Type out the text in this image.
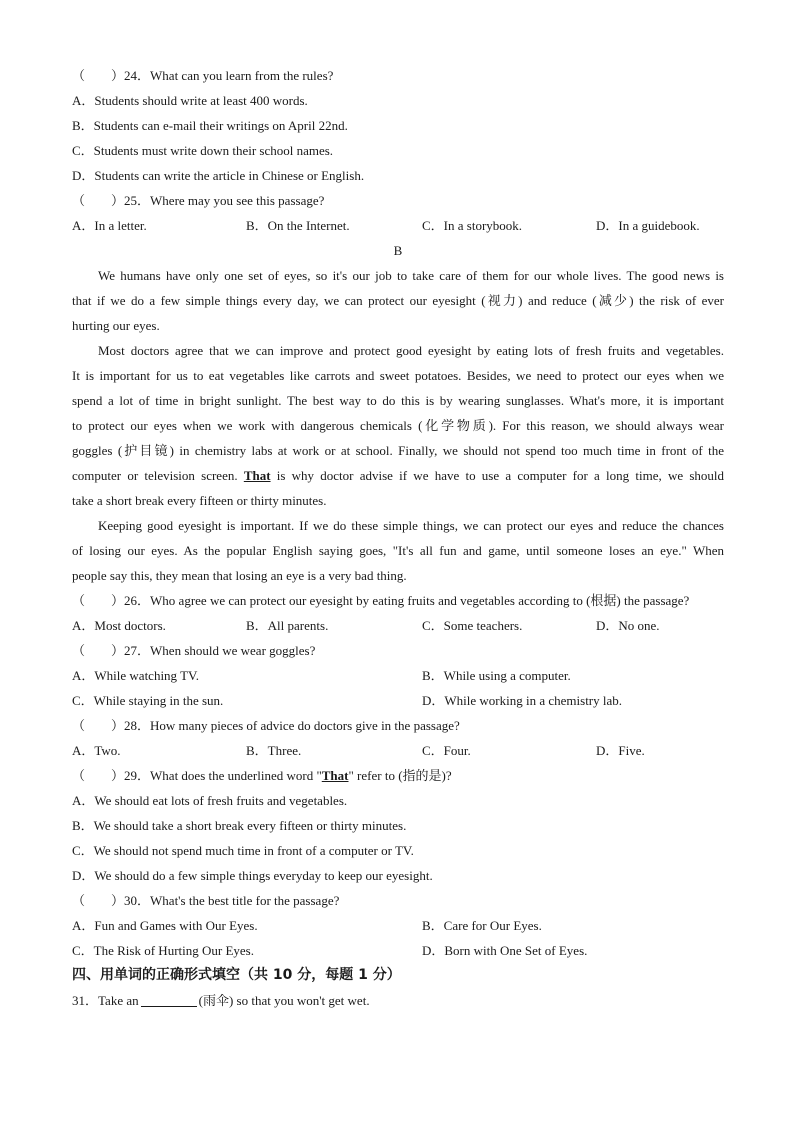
（　　）24．What can you learn from the rules?
A．Students should write at least 400 words.
B．Students can e-mail their writings on April 22nd.
C．Students must write down their school names.
D．Students can write the article in Chinese or English.
（　　）25．Where may you see this passage?
A．In a letter.	B．On the Internet.	C．In a storybook.	D．In a guidebook.
B
We humans have only one set of eyes, so it's our job to take care of them for our whole lives. The good news is
that if we do a few simple things every day, we can protect our eyesight (视力) and reduce (减少) the risk of ever
hurting our eyes.
Most doctors agree that we can improve and protect good eyesight by eating lots of fresh fruits and vegetables.
It is important for us to eat vegetables like carrots and sweet potatoes. Besides, we need to protect our eyes when we
spend a lot of time in bright sunlight. The best way to do this is by wearing sunglasses. What's more, it is important
to protect our eyes when we work with dangerous chemicals (化学物质). For this reason, we should always wear
goggles (护目镜) in chemistry labs at work or at school. Finally, we should not spend too much time in front of the
computer or television screen. That is why doctor advise if we have to use a computer for a long time, we should
take a short break every fifteen or thirty minutes.
Keeping good eyesight is important. If we do these simple things, we can protect our eyes and reduce the chances
of losing our eyes. As the popular English saying goes, "It's all fun and game, until someone loses an eye." When
people say this, they mean that losing an eye is a very bad thing.
（　　）26．Who agree we can protect our eyesight by eating fruits and vegetables according to (根据) the passage?
A．Most doctors.	B．All parents.	C．Some teachers.	D．No one.
（　　）27．When should we wear goggles?
A．While watching TV.	B．While using a computer.
C．While staying in the sun.	D．While working in a chemistry lab.
（　　）28．How many pieces of advice do doctors give in the passage?
A．Two.	B．Three.	C．Four.	D．Five.
（　　）29．What does the underlined word "That" refer to (指的是)?
A．We should eat lots of fresh fruits and vegetables.
B．We should take a short break every fifteen or thirty minutes.
C．We should not spend much time in front of a computer or TV.
D．We should do a few simple things everyday to keep our eyesight.
（　　）30．What's the best title for the passage?
A．Fun and Games with Our Eyes.	B．Care for Our Eyes.
C．The Risk of Hurting Our Eyes.	D．Born with One Set of Eyes.
四、用单词的正确形式填空（共 10 分，每题 1 分）
31．Take an	(雨伞) so that you won't get wet.
